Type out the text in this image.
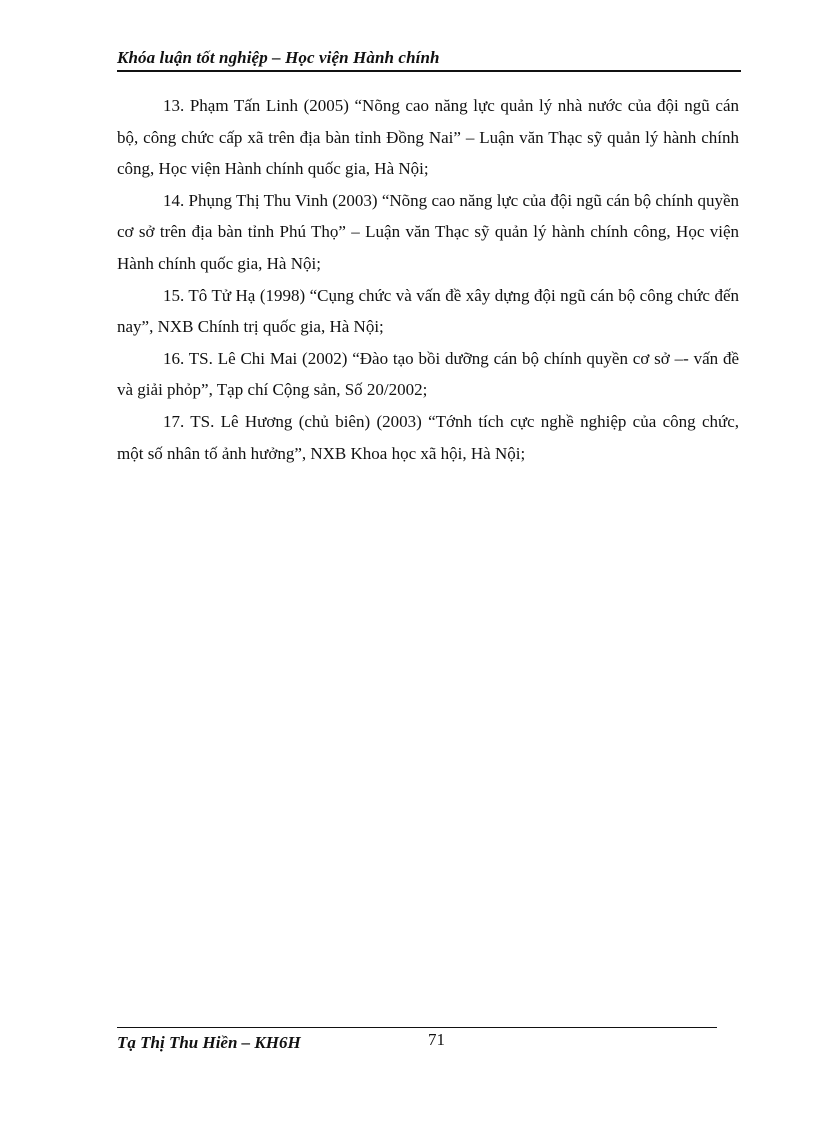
Khóa luận tốt nghiệp – Học viện Hành chính

13. Phạm Tấn Linh (2005) “Nõng cao năng lực quản lý nhà nước của đội ngũ cán bộ, công chức cấp xã trên địa bàn tỉnh Đồng Nai” – Luận văn Thạc sỹ quản lý hành chính công, Học viện Hành chính quốc gia, Hà Nội;

14. Phụng Thị Thu Vinh (2003) “Nõng cao năng lực của đội ngũ cán bộ chính quyền cơ sở trên địa bàn tỉnh Phú Thọ” – Luận văn Thạc sỹ quản lý hành chính công, Học viện Hành chính quốc gia, Hà Nội;

15. Tô Tử Hạ (1998) “Cụng chức và vấn đề xây dựng đội ngũ cán bộ công chức đến nay”, NXB Chính trị quốc gia, Hà Nội;

16. TS. Lê Chi Mai (2002) “Đào tạo bồi dưỡng cán bộ chính quyền cơ sở –- vấn đề và giải phỏp”, Tạp chí Cộng sản, Số 20/2002;

17. TS. Lê Hương (chủ biên) (2003) “Tớnh tích cực nghề nghiệp của công chức, một số nhân tố ảnh hưởng”, NXB Khoa học xã hội, Hà Nội;

Tạ Thị Thu Hiền – KH6H	71
